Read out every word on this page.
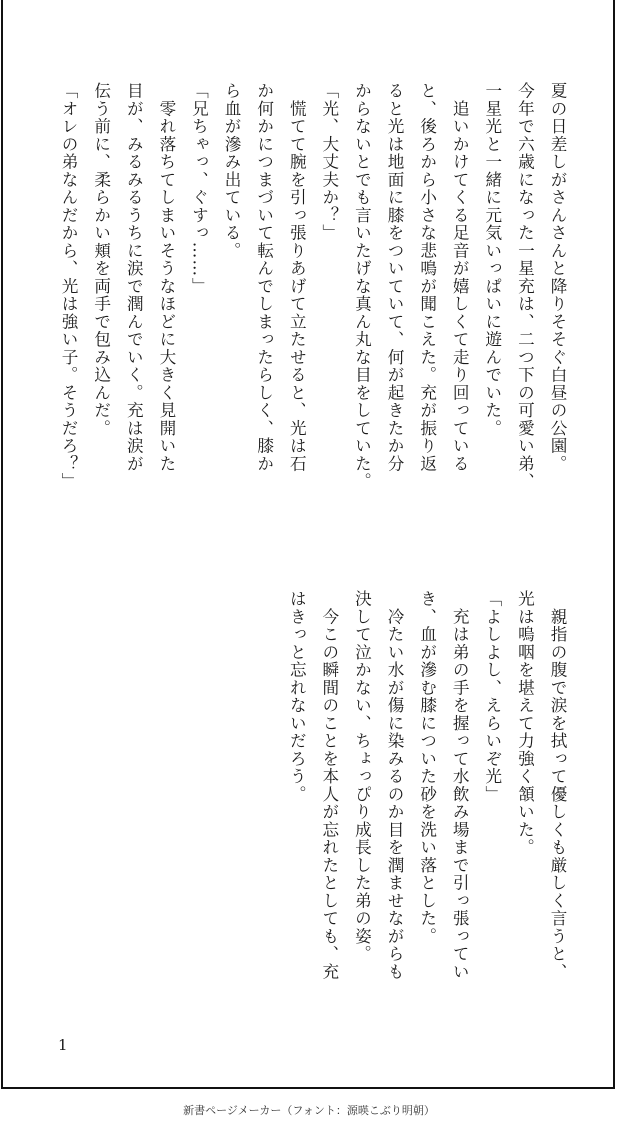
夏の日差しがさんさんと降りそそぐ白昼の公園。
今年で六歳になった一星充は、二つ下の可愛い弟、
一星光と一緒に元気いっぱいに遊んでいた。
　追いかけてくる足音が嬉しくて走り回っている
と、後ろから小さな悲鳴が聞こえた。充が振り返
ると光は地面に膝をついていて、何が起きたか分
からないとでも言いたげな真ん丸な目をしていた。
「光、大丈夫か？」
　慌てて腕を引っ張りあげて立たせると、光は石
か何かにつまづいて転んでしまったらしく、膝か
ら血が滲み出ている。
「兄ちゃっ、ぐすっ……」
　零れ落ちてしまいそうなほどに大きく見開いた
目が、みるみるうちに涙で潤んでいく。充は涙が
伝う前に、柔らかい頬を両手で包み込んだ。
「オレの弟なんだから、光は強い子。そうだろ？」
　親指の腹で涙を拭って優しくも厳しく言うと、
光は嗚咽を堪えて力強く頷いた。
「よしよし、えらいぞ光」
　充は弟の手を握って水飲み場まで引っ張ってい
き、血が滲む膝についた砂を洗い落とした。
　冷たい水が傷に染みるのか目を潤ませながらも
決して泣かない、ちょっぴり成長した弟の姿。
　今この瞬間のことを本人が忘れたとしても、充
はきっと忘れないだろう。
1
新書ページメーカー（フォント：源暎こぶり明朝）
